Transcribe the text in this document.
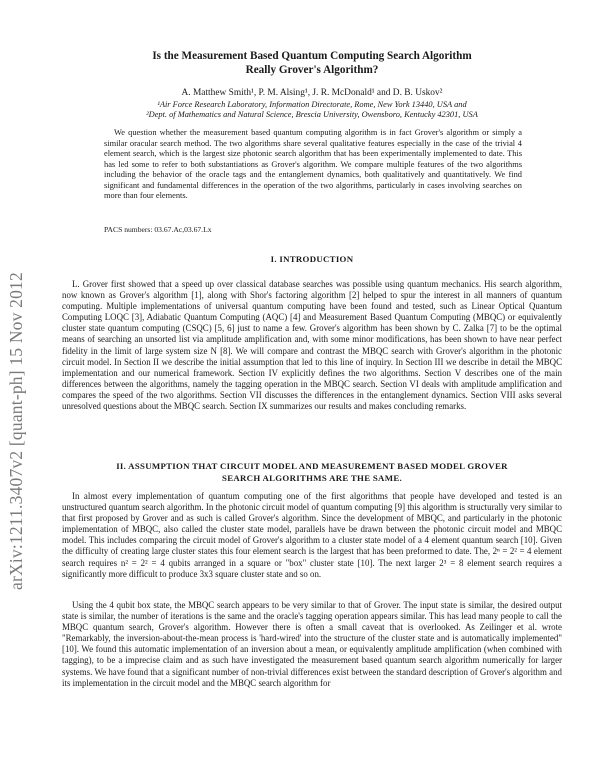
arXiv:1211.3407v2 [quant-ph] 15 Nov 2012
Is the Measurement Based Quantum Computing Search Algorithm
Really Grover's Algorithm?
A. Matthew Smith¹, P. M. Alsing¹, J. R. McDonald¹ and D. B. Uskov²
¹Air Force Research Laboratory, Information Directorate, Rome, New York 13440, USA and
²Dept. of Mathematics and Natural Science, Brescia University, Owensboro, Kentucky 42301, USA
We question whether the measurement based quantum computing algorithm is in fact Grover's algorithm or simply a similar oracular search method. The two algorithms share several qualitative features especially in the case of the trivial 4 element search, which is the largest size photonic search algorithm that has been experimentally implemented to date. This has led some to refer to both substantiations as Grover's algorithm. We compare multiple features of the two algorithms including the behavior of the oracle tags and the entanglement dynamics, both qualitatively and quantitatively. We find significant and fundamental differences in the operation of the two algorithms, particularly in cases involving searches on more than four elements.
PACS numbers: 03.67.Ac,03.67.Lx
I. INTRODUCTION
L. Grover first showed that a speed up over classical database searches was possible using quantum mechanics. His search algorithm, now known as Grover's algorithm [1], along with Shor's factoring algorithm [2] helped to spur the interest in all manners of quantum computing. Multiple implementations of universal quantum computing have been found and tested, such as Linear Optical Quantum Computing LOQC [3], Adiabatic Quantum Computing (AQC) [4] and Measurement Based Quantum Computing (MBQC) or equivalently cluster state quantum computing (CSQC) [5, 6] just to name a few. Grover's algorithm has been shown by C. Zalka [7] to be the optimal means of searching an unsorted list via amplitude amplification and, with some minor modifications, has been shown to have near perfect fidelity in the limit of large system size N [8]. We will compare and contrast the MBQC search with Grover's algorithm in the photonic circuit model. In Section II we describe the initial assumption that led to this line of inquiry. In Section III we describe in detail the MBQC implementation and our numerical framework. Section IV explicitly defines the two algorithms. Section V describes one of the main differences between the algorithms, namely the tagging operation in the MBQC search. Section VI deals with amplitude amplification and compares the speed of the two algorithms. Section VII discusses the differences in the entanglement dynamics. Section VIII asks several unresolved questions about the MBQC search. Section IX summarizes our results and makes concluding remarks.
II. ASSUMPTION THAT CIRCUIT MODEL AND MEASUREMENT BASED MODEL GROVER
SEARCH ALGORITHMS ARE THE SAME.
In almost every implementation of quantum computing one of the first algorithms that people have developed and tested is an unstructured quantum search algorithm. In the photonic circuit model of quantum computing [9] this algorithm is structurally very similar to that first proposed by Grover and as such is called Grover's algorithm. Since the development of MBQC, and particularly in the photonic implementation of MBQC, also called the cluster state model, parallels have be drawn between the photonic circuit model and MBQC model. This includes comparing the circuit model of Grover's algorithm to a cluster state model of a 4 element quantum search [10]. Given the difficulty of creating large cluster states this four element search is the largest that has been preformed to date. The, 2ⁿ = 2² = 4 element search requires n² = 2² = 4 qubits arranged in a square or "box" cluster state [10]. The next larger 2³ = 8 element search requires a significantly more difficult to produce 3x3 square cluster state and so on.
Using the 4 qubit box state, the MBQC search appears to be very similar to that of Grover. The input state is similar, the desired output state is similar, the number of iterations is the same and the oracle's tagging operation appears similar. This has lead many people to call the MBQC quantum search, Grover's algorithm. However there is often a small caveat that is overlooked. As Zeilinger et al. wrote "Remarkably, the inversion-about-the-mean process is 'hard-wired' into the structure of the cluster state and is automatically implemented" [10]. We found this automatic implementation of an inversion about a mean, or equivalently amplitude amplification (when combined with tagging), to be a imprecise claim and as such have investigated the measurement based quantum search algorithm numerically for larger systems. We have found that a significant number of non-trivial differences exist between the standard description of Grover's algorithm and its implementation in the circuit model and the MBQC search algorithm for
